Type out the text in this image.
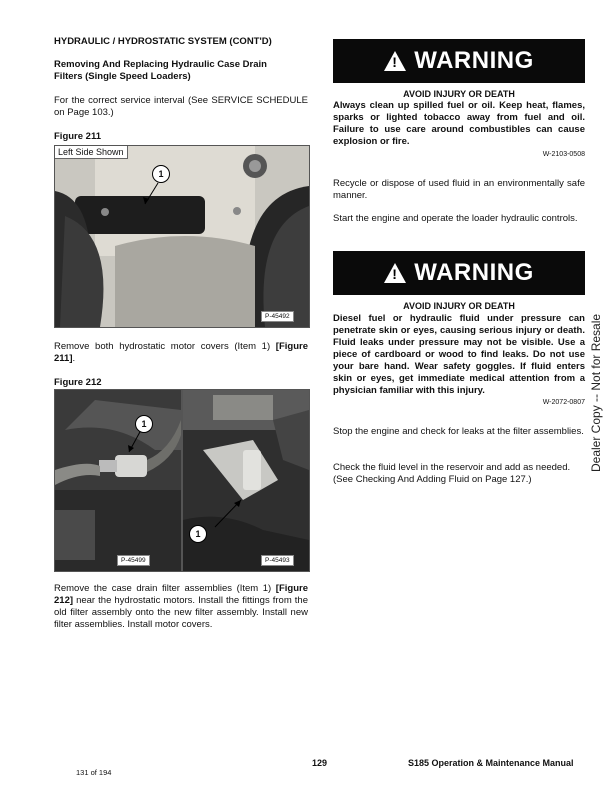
HYDRAULIC / HYDROSTATIC SYSTEM (CONT'D)
Removing And Replacing Hydraulic Case Drain Filters (Single Speed Loaders)
For the correct service interval (See SERVICE SCHEDULE on Page 103.)
Figure 211
Left Side Shown
1
P-45492
Remove both hydrostatic motor covers (Item 1) [Figure 211].
Figure 212
1
P-45499
1
P-45493
Remove the case drain filter assemblies (Item 1) [Figure 212] near the hydrostatic motors. Install the fittings from the old filter assembly onto the new filter assembly. Install new filter assemblies. Install motor covers.
! WARNING
AVOID INJURY OR DEATH
Always clean up spilled fuel or oil. Keep heat, flames, sparks or lighted tobacco away from fuel and oil. Failure to use care around combustibles can cause explosion or fire.
W-2103-0508
Recycle or dispose of used fluid in an environmentally safe manner.
Start the engine and operate the loader hydraulic controls.
! WARNING
AVOID INJURY OR DEATH
Diesel fuel or hydraulic fluid under pressure can penetrate skin or eyes, causing serious injury or death. Fluid leaks under pressure may not be visible. Use a piece of cardboard or wood to find leaks. Do not use your bare hand. Wear safety goggles. If fluid enters skin or eyes, get immediate medical attention from a physician familiar with this injury.
W-2072-0807
Stop the engine and check for leaks at the filter assemblies.
Check the fluid level in the reservoir and add as needed. (See Checking And Adding Fluid on Page 127.)
Dealer Copy -- Not for Resale
129	S185 Operation & Maintenance Manual
131 of 194
